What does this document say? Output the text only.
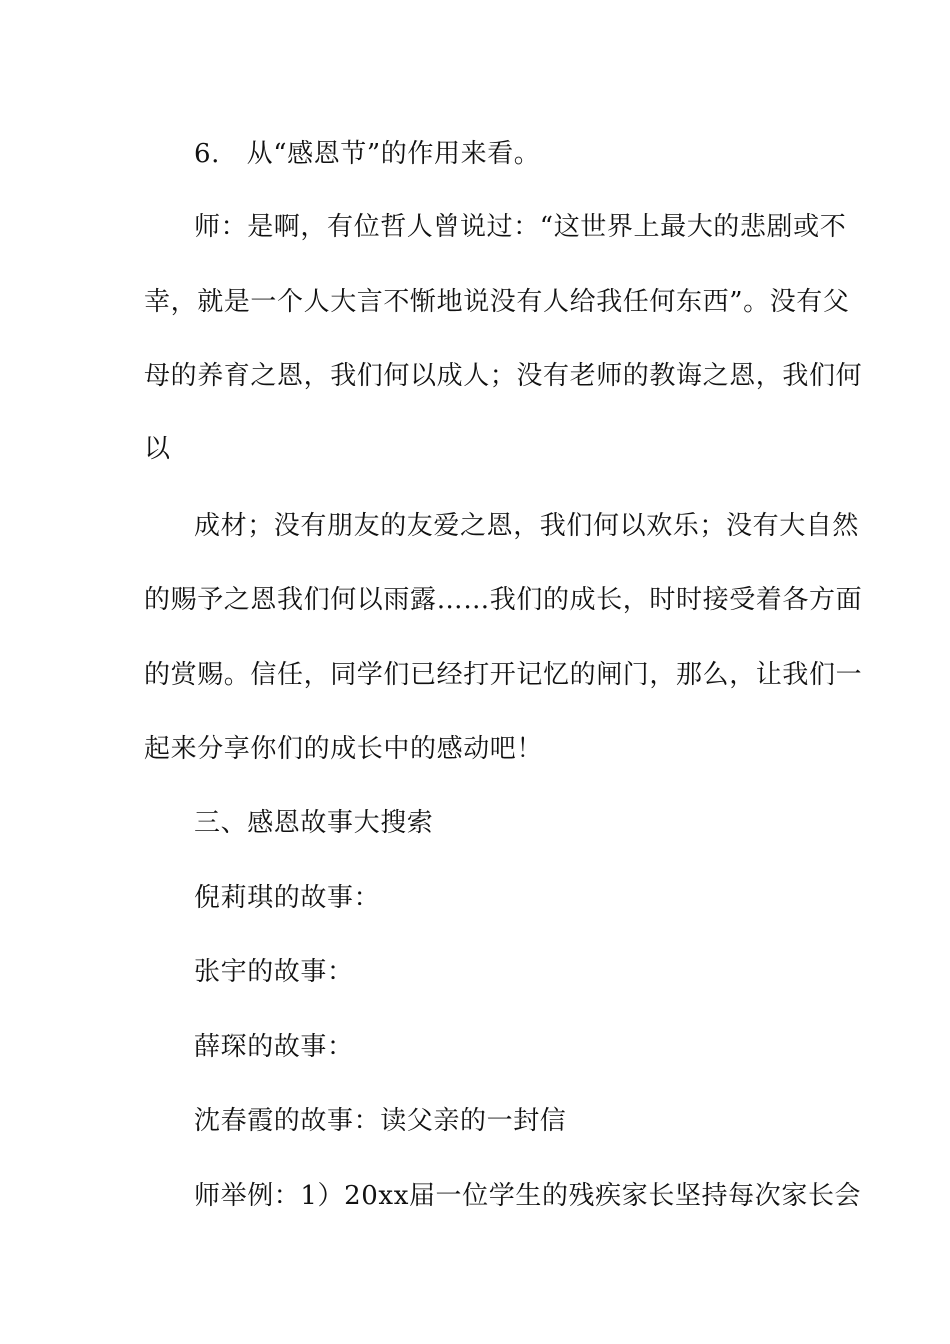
6.　从“感恩节”的作用来看。
师：是啊，有位哲人曾说过：“这世界上最大的悲剧或不
幸，就是一个人大言不惭地说没有人给我任何东西”。没有父
母的养育之恩，我们何以成人；没有老师的教诲之恩，我们何
以
成材；没有朋友的友爱之恩，我们何以欢乐；没有大自然
的赐予之恩我们何以雨露……我们的成长，时时接受着各方面
的赏赐。信任，同学们已经打开记忆的闸门，那么，让我们一
起来分享你们的成长中的感动吧！
三、感恩故事大搜索
倪莉琪的故事：
张宇的故事：
薛琛的故事：
沈春霞的故事：读父亲的一封信
师举例：1）20xx届一位学生的残疾家长坚持每次家长会
